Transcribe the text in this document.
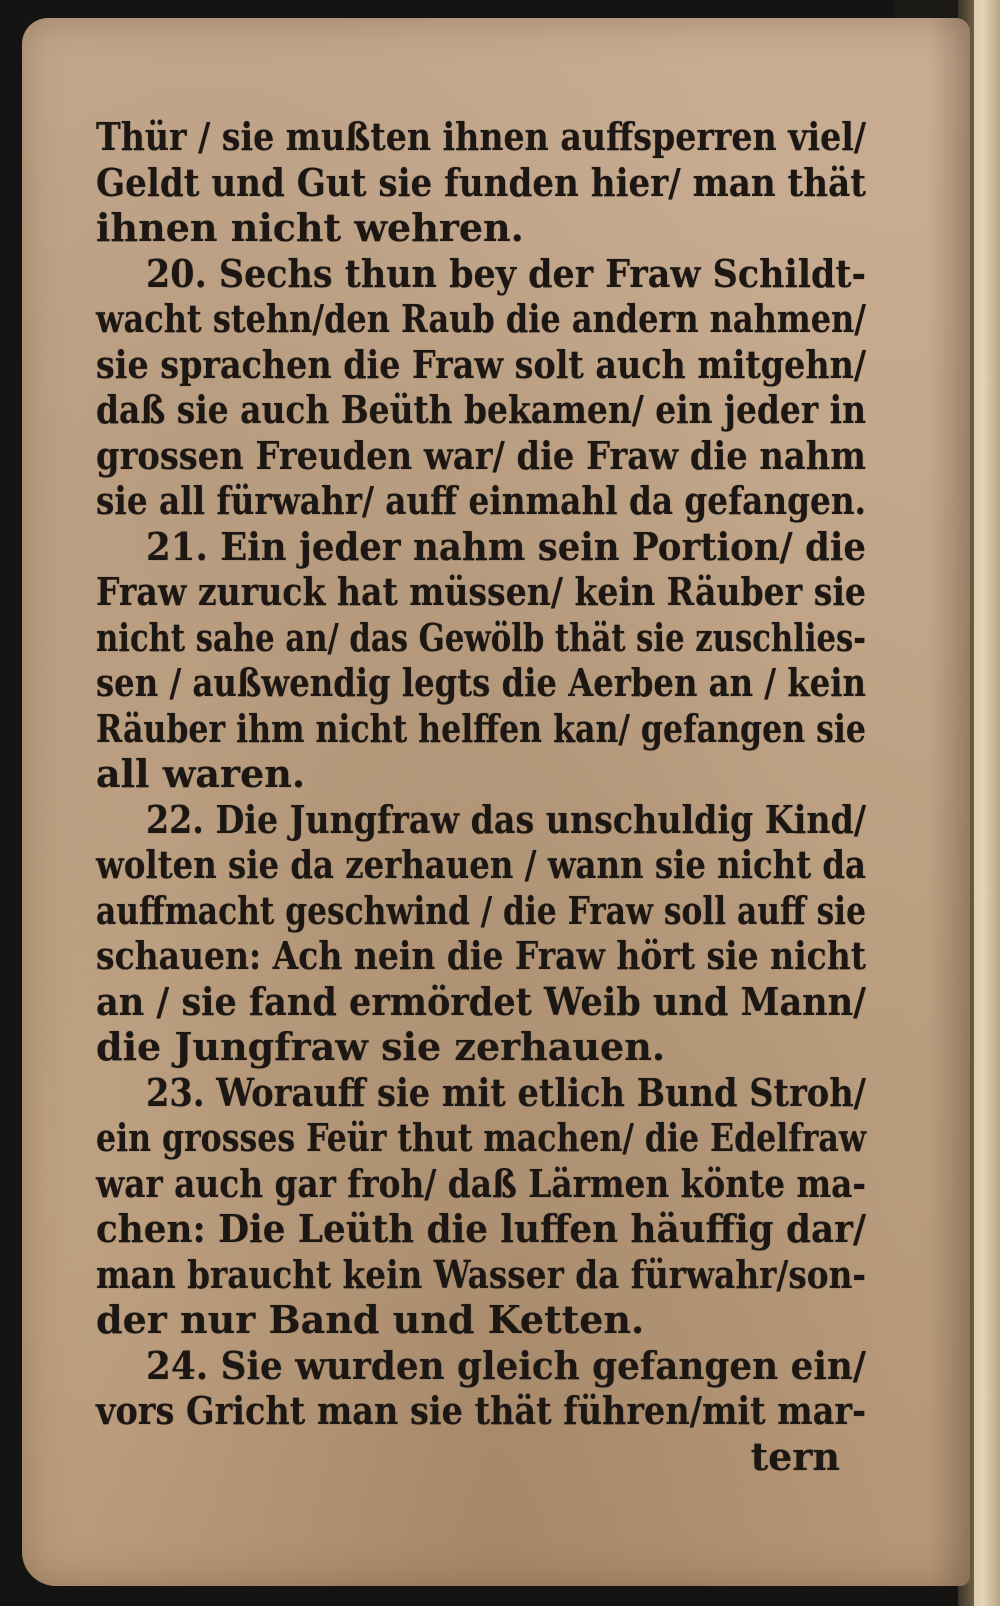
Thür / sie mußten ihnen auffsperren viel/
Geldt und Gut sie funden hier/ man thät
ihnen nicht wehren.
20. Sechs thun bey der Fraw Schildt-
wacht stehn/den Raub die andern nahmen/
sie sprachen die Fraw solt auch mitgehn/
daß sie auch Beüth bekamen/ ein jeder in
grossen Freuden war/ die Fraw die nahm
sie all fürwahr/ auff einmahl da gefangen.
21. Ein jeder nahm sein Portion/ die
Fraw zuruck hat müssen/ kein Räuber sie
nicht sahe an/ das Gewölb thät sie zuschlies-
sen / außwendig legts die Aerben an / kein
Räuber ihm nicht helffen kan/ gefangen sie
all waren.
22. Die Jungfraw das unschuldig Kind/
wolten sie da zerhauen / wann sie nicht da
auffmacht geschwind / die Fraw soll auff sie
schauen: Ach nein die Fraw hört sie nicht
an / sie fand ermördet Weib und Mann/
die Jungfraw sie zerhauen.
23. Worauff sie mit etlich Bund Stroh/
ein grosses Feür thut machen/ die Edelfraw
war auch gar froh/ daß Lärmen könte ma-
chen: Die Leüth die luffen häuffig dar/
man braucht kein Wasser da fürwahr/son-
der nur Band und Ketten.
24. Sie wurden gleich gefangen ein/
vors Gricht man sie thät führen/mit mar-
tern
